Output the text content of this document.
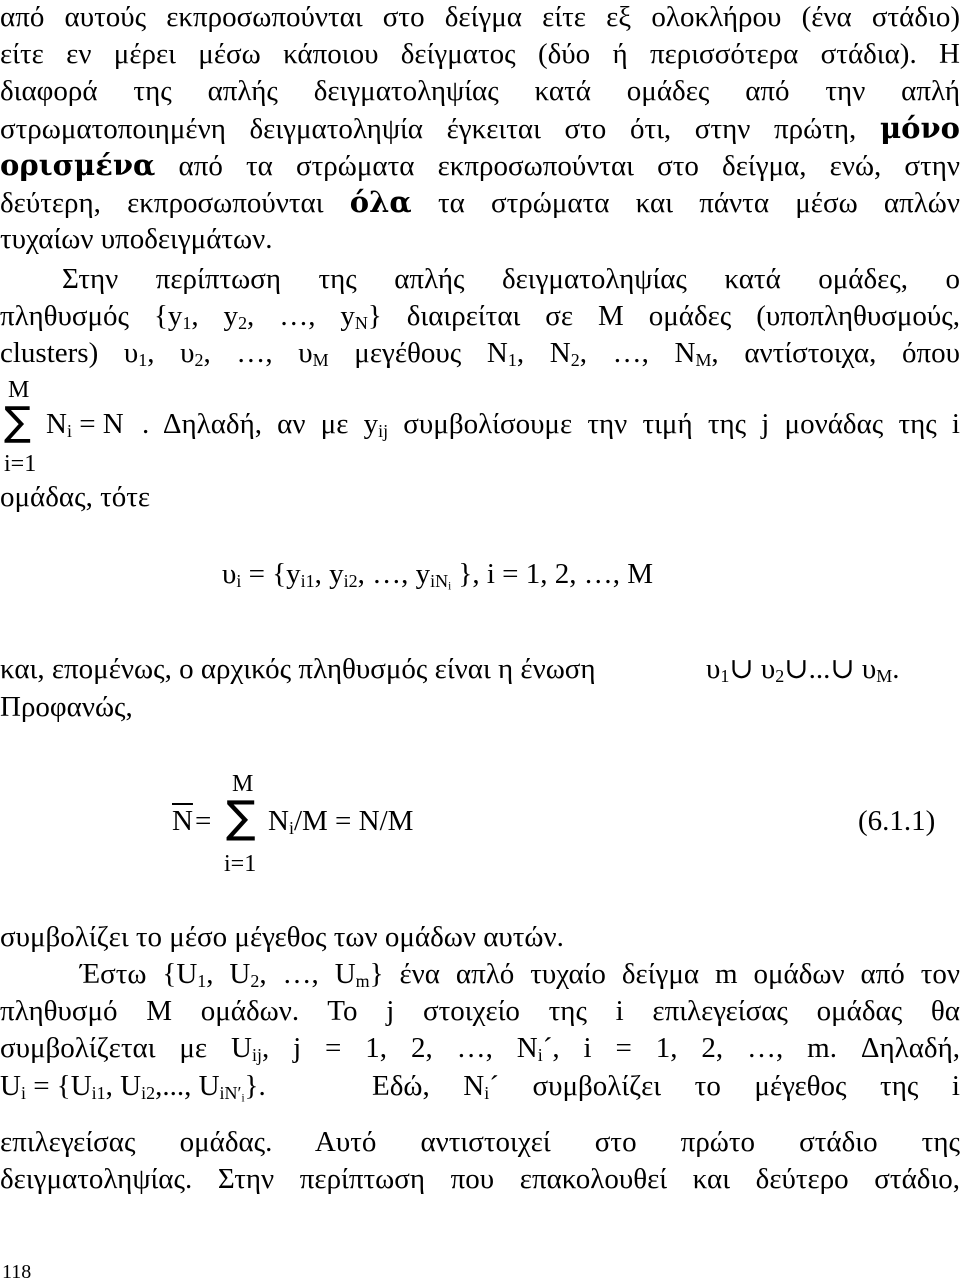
από αυτούς εκπροσωπούνται στο δείγμα είτε εξ ολοκλήρου (ένα στάδιο)
είτε εν μέρει μέσω κάποιου δείγματος (δύο ή περισσότερα στάδια). Η
διαφορά της απλής δειγματοληψίας κατά ομάδες από την απλή
στρωματοποιημένη δειγματοληψία έγκειται στο ότι, στην πρώτη, μόνο
ορισμένα από τα στρώματα εκπροσωπούνται στο δείγμα, ενώ, στην
δεύτερη, εκπροσωπούνται όλα τα στρώματα και πάντα μέσω απλών
τυχαίων υποδειγμάτων.
Στην περίπτωση της απλής δειγματοληψίας κατά ομάδες, ο
πληθυσμός {$y_1$, $y_2$, …, $y_N$} διαιρείται σε M ομάδες (υποπληθυσμούς,
clusters) $\upsilon_1$, $\upsilon_2$, …, $\upsilon_M$ μεγέθους $N_1$, $N_2$, …, $N_M$, αντίστοιχα, όπου
M
∑ $N_i = N$
i=1
. Δηλαδή, αν με $y_{ij}$ συμβολίσουμε την τιμή της j μονάδας της i
ομάδας, τότε
$\upsilon_i = \{y_{i1}$, $y_{i2}$, …, $y_{iN_i}$ }, i = 1, 2, …, M
και, επομένως, ο αρχικός πληθυσμός είναι η ένωση	$\upsilon_1\cup$ $\upsilon_2\cup...\cup$ $\upsilon_M$.
Προφανώς,
M
$\overline{N}$ = ∑ $N_i/M = N/M$
i=1
(6.1.1)
συμβολίζει το μέσο μέγεθος των ομάδων αυτών.
Έστω {$U_1$, $U_2$, …, $U_m$} ένα απλό τυχαίο δείγμα m ομάδων από τον
πληθυσμό M ομάδων. Το j στοιχείο της i επιλεγείσας ομάδας θα
συμβολίζεται με $U_{ij}$, j = 1, 2, …, $N_i´$, i = 1, 2, …, m. Δηλαδή,
$U_i = \{U_{i1}$, $U_{i2}$,..., $U_{iN'_i}$}.	Εδώ, $N_i´$ συμβολίζει το μέγεθος της i
επιλεγείσας ομάδας. Αυτό αντιστοιχεί στο πρώτο στάδιο της
δειγματοληψίας. Στην περίπτωση που επακολουθεί και δεύτερο στάδιο,
118
